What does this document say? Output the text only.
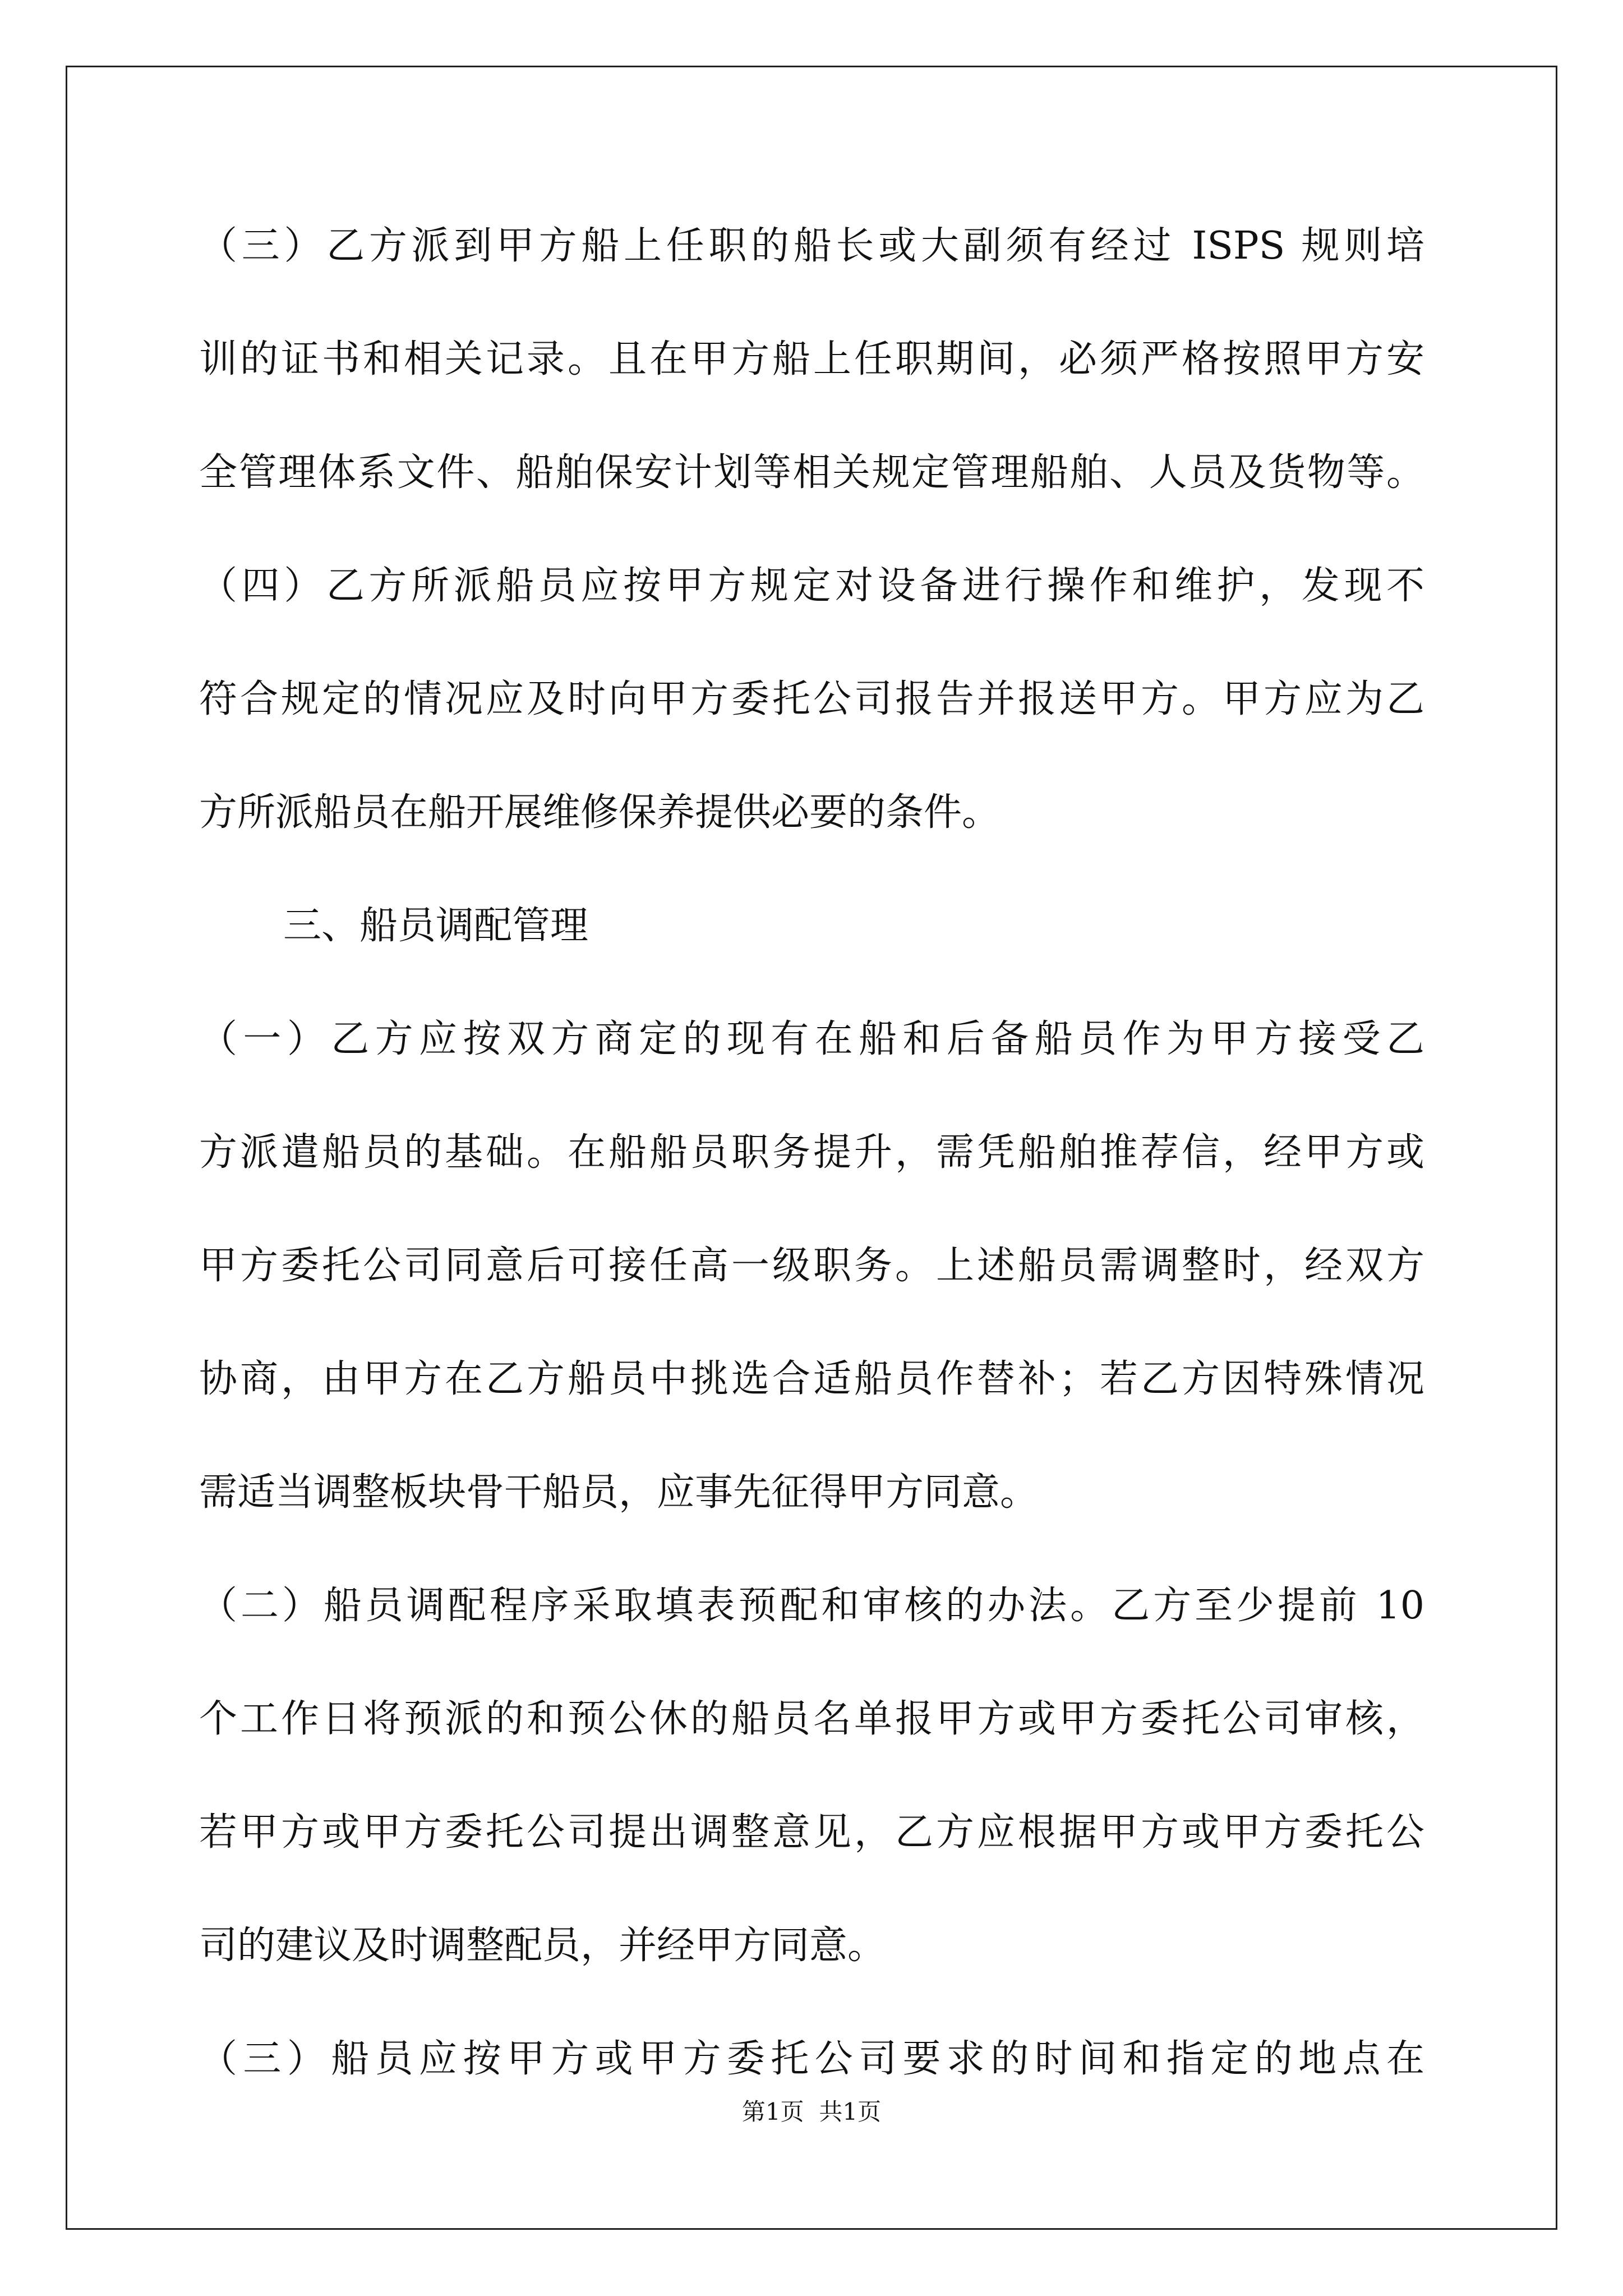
（三）乙方派到甲方船上任职的船长或大副须有经过 ISPS 规则培
训的证书和相关记录。且在甲方船上任职期间，必须严格按照甲方安
全管理体系文件、船舶保安计划等相关规定管理船舶、人员及货物等。
（四）乙方所派船员应按甲方规定对设备进行操作和维护，发现不
符合规定的情况应及时向甲方委托公司报告并报送甲方。甲方应为乙
方所派船员在船开展维修保养提供必要的条件。
三、船员调配管理
（一）乙方应按双方商定的现有在船和后备船员作为甲方接受乙
方派遣船员的基础。在船船员职务提升，需凭船舶推荐信，经甲方或
甲方委托公司同意后可接任高一级职务。上述船员需调整时，经双方
协商，由甲方在乙方船员中挑选合适船员作替补；若乙方因特殊情况
需适当调整板块骨干船员，应事先征得甲方同意。
（二）船员调配程序采取填表预配和审核的办法。乙方至少提前 10
个工作日将预派的和预公休的船员名单报甲方或甲方委托公司审核，
若甲方或甲方委托公司提出调整意见，乙方应根据甲方或甲方委托公
司的建议及时调整配员，并经甲方同意。
（三）船员应按甲方或甲方委托公司要求的时间和指定的地点在
第1页  共1页
